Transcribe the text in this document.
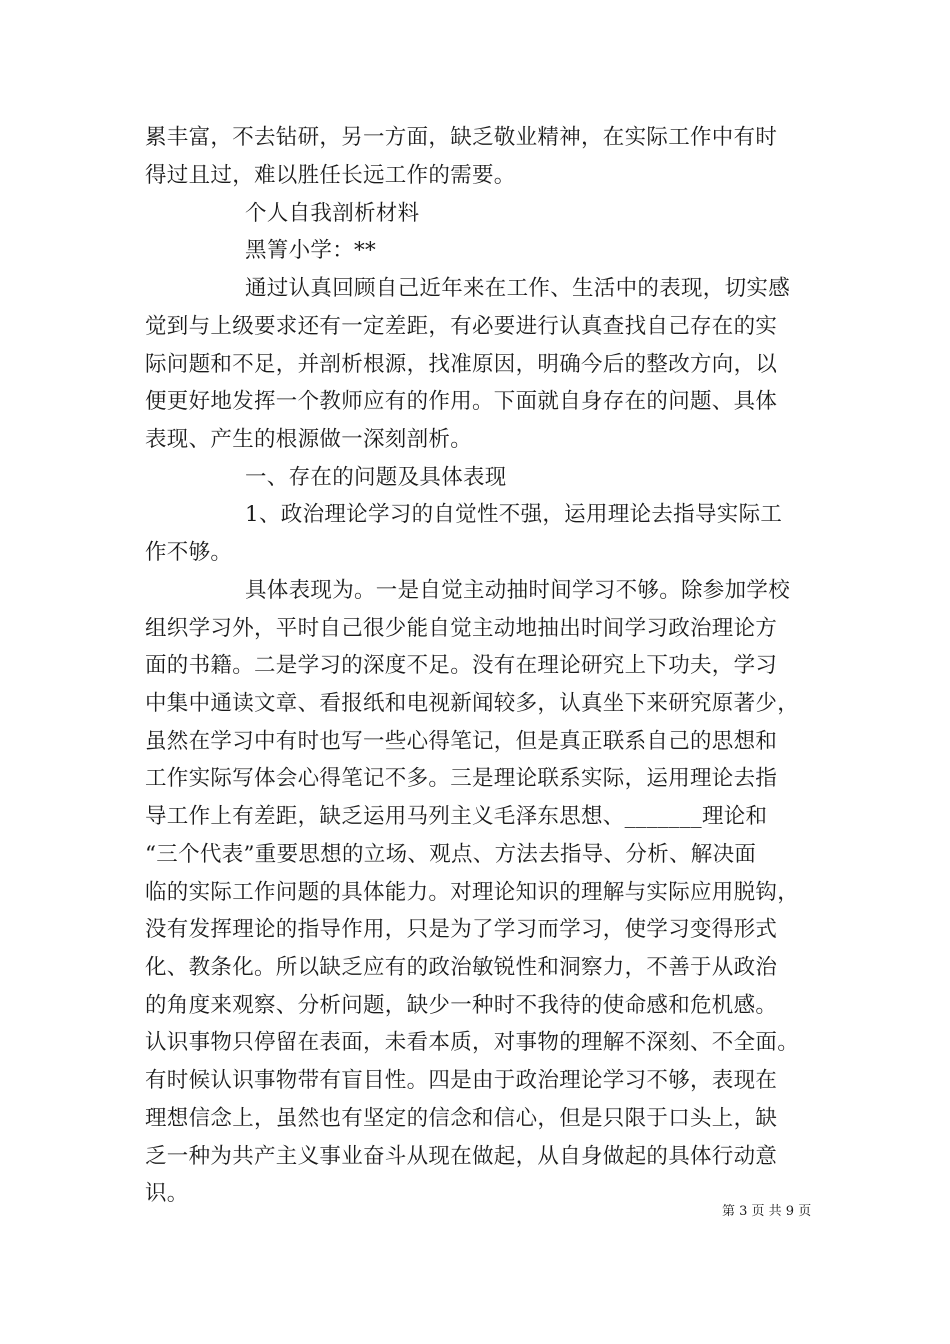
累丰富，不去钻研，另一方面，缺乏敬业精神，在实际工作中有时
得过且过，难以胜任长远工作的需要。
个人自我剖析材料
黑箐小学：**
通过认真回顾自己近年来在工作、生活中的表现，切实感
觉到与上级要求还有一定差距，有必要进行认真查找自己存在的实
际问题和不足，并剖析根源，找准原因，明确今后的整改方向，以
便更好地发挥一个教师应有的作用。下面就自身存在的问题、具体
表现、产生的根源做一深刻剖析。
一、存在的问题及具体表现
1、政治理论学习的自觉性不强，运用理论去指导实际工
作不够。
具体表现为。一是自觉主动抽时间学习不够。除参加学校
组织学习外，平时自己很少能自觉主动地抽出时间学习政治理论方
面的书籍。二是学习的深度不足。没有在理论研究上下功夫，学习
中集中通读文章、看报纸和电视新闻较多，认真坐下来研究原著少，
虽然在学习中有时也写一些心得笔记，但是真正联系自己的思想和
工作实际写体会心得笔记不多。三是理论联系实际，运用理论去指
导工作上有差距，缺乏运用马列主义毛泽东思想、_______理论和
“三个代表”重要思想的立场、观点、方法去指导、分析、解决面
临的实际工作问题的具体能力。对理论知识的理解与实际应用脱钩，
没有发挥理论的指导作用，只是为了学习而学习，使学习变得形式
化、教条化。所以缺乏应有的政治敏锐性和洞察力，不善于从政治
的角度来观察、分析问题，缺少一种时不我待的使命感和危机感。
认识事物只停留在表面，未看本质，对事物的理解不深刻、不全面。
有时候认识事物带有盲目性。四是由于政治理论学习不够，表现在
理想信念上，虽然也有坚定的信念和信心，但是只限于口头上，缺
乏一种为共产主义事业奋斗从现在做起，从自身做起的具体行动意
识。
第 3 页 共 9 页
